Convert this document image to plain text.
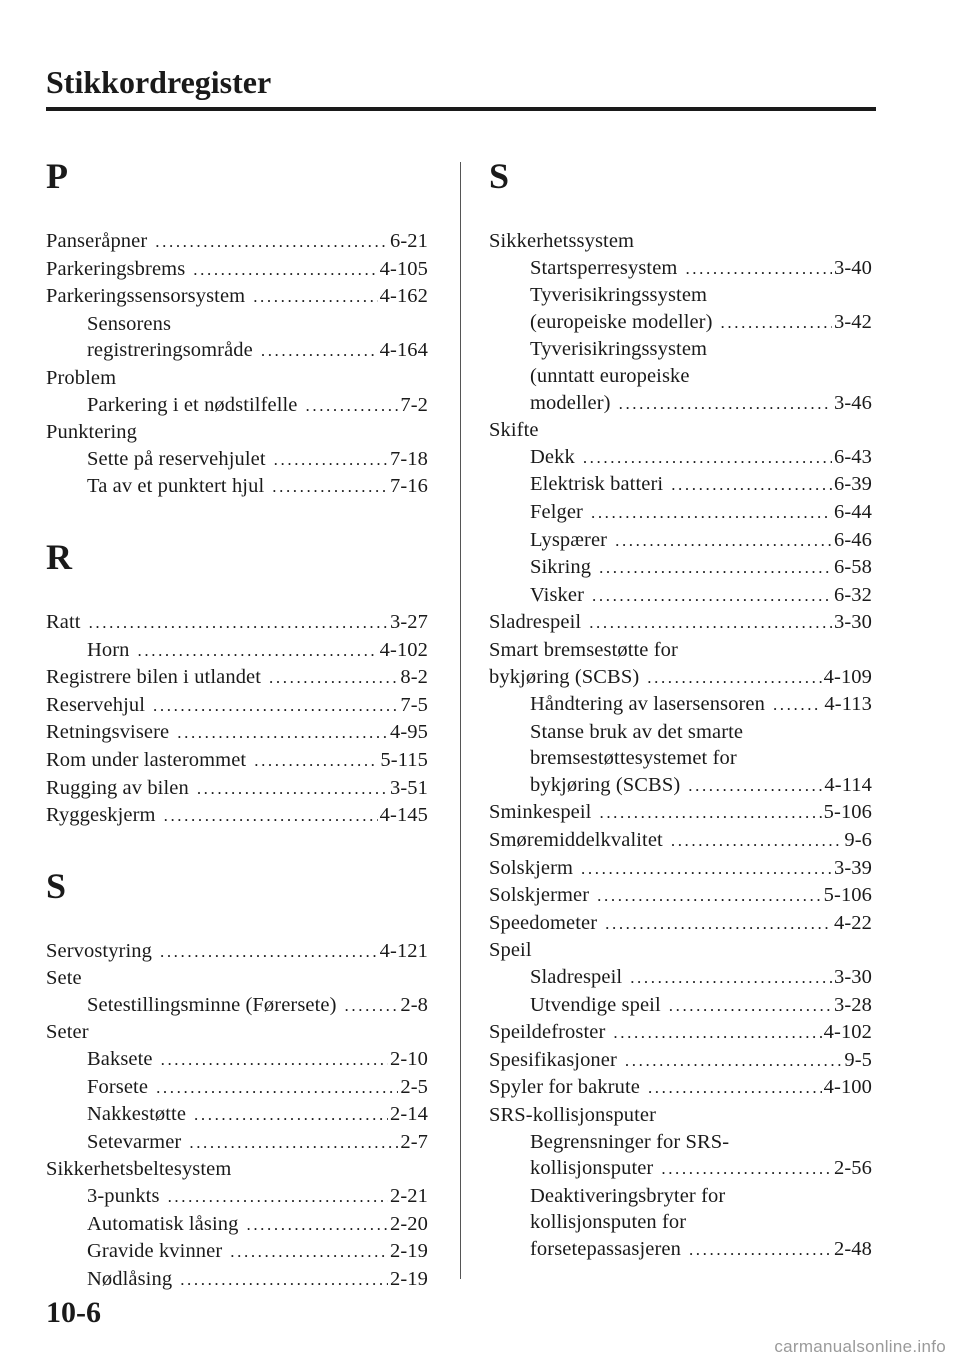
Stikkordregister
P
Panseråpner .....	6-21
Parkeringsbrems .....	4-105
Parkeringssensorsystem .....	4-162
Sensorens
registreringsområde .....	4-164
Problem
Parkering i et nødstilfelle .....	7-2
Punktering
Sette på reservehjulet .....	7-18
Ta av et punktert hjul .....	7-16
R
Ratt .....	3-27
Horn .....	4-102
Registrere bilen i utlandet .....	8-2
Reservehjul .....	7-5
Retningsvisere .....	4-95
Rom under lasterommet .....	5-115
Rugging av bilen .....	3-51
Ryggeskjerm .....	4-145
S
Servostyring .....	4-121
Sete
Setestillingsminne (Førersete) .....	2-8
Seter
Baksete .....	2-10
Forsete .....	2-5
Nakkestøtte .....	2-14
Setevarmer .....	2-7
Sikkerhetsbeltesystem
3-punkts .....	2-21
Automatisk låsing .....	2-20
Gravide kvinner .....	2-19
Nødlåsing .....	2-19
S
Sikkerhetssystem
Startsperresystem .....	3-40
Tyverisikringssystem
(europeiske modeller) .....	3-42
Tyverisikringssystem
(unntatt europeiske
modeller) .....	3-46
Skifte
Dekk .....	6-43
Elektrisk batteri .....	6-39
Felger .....	6-44
Lyspærer .....	6-46
Sikring .....	6-58
Visker .....	6-32
Sladrespeil .....	3-30
Smart bremsestøtte for
bykjøring (SCBS) .....	4-109
Håndtering av lasersensoren .....	4-113
Stanse bruk av det smarte
bremsestøttesystemet for
bykjøring (SCBS) .....	4-114
Sminkespeil .....	5-106
Smøremiddelkvalitet .....	9-6
Solskjerm .....	3-39
Solskjermer .....	5-106
Speedometer .....	4-22
Speil
Sladrespeil .....	3-30
Utvendige speil .....	3-28
Speildefroster .....	4-102
Spesifikasjoner .....	9-5
Spyler for bakrute .....	4-100
SRS-kollisjonsputer
Begrensninger for SRS-
kollisjonsputer .....	2-56
Deaktiveringsbryter for
kollisjonsputen for
forsetepassasjeren .....	2-48
10-6
carmanualsonline.info
